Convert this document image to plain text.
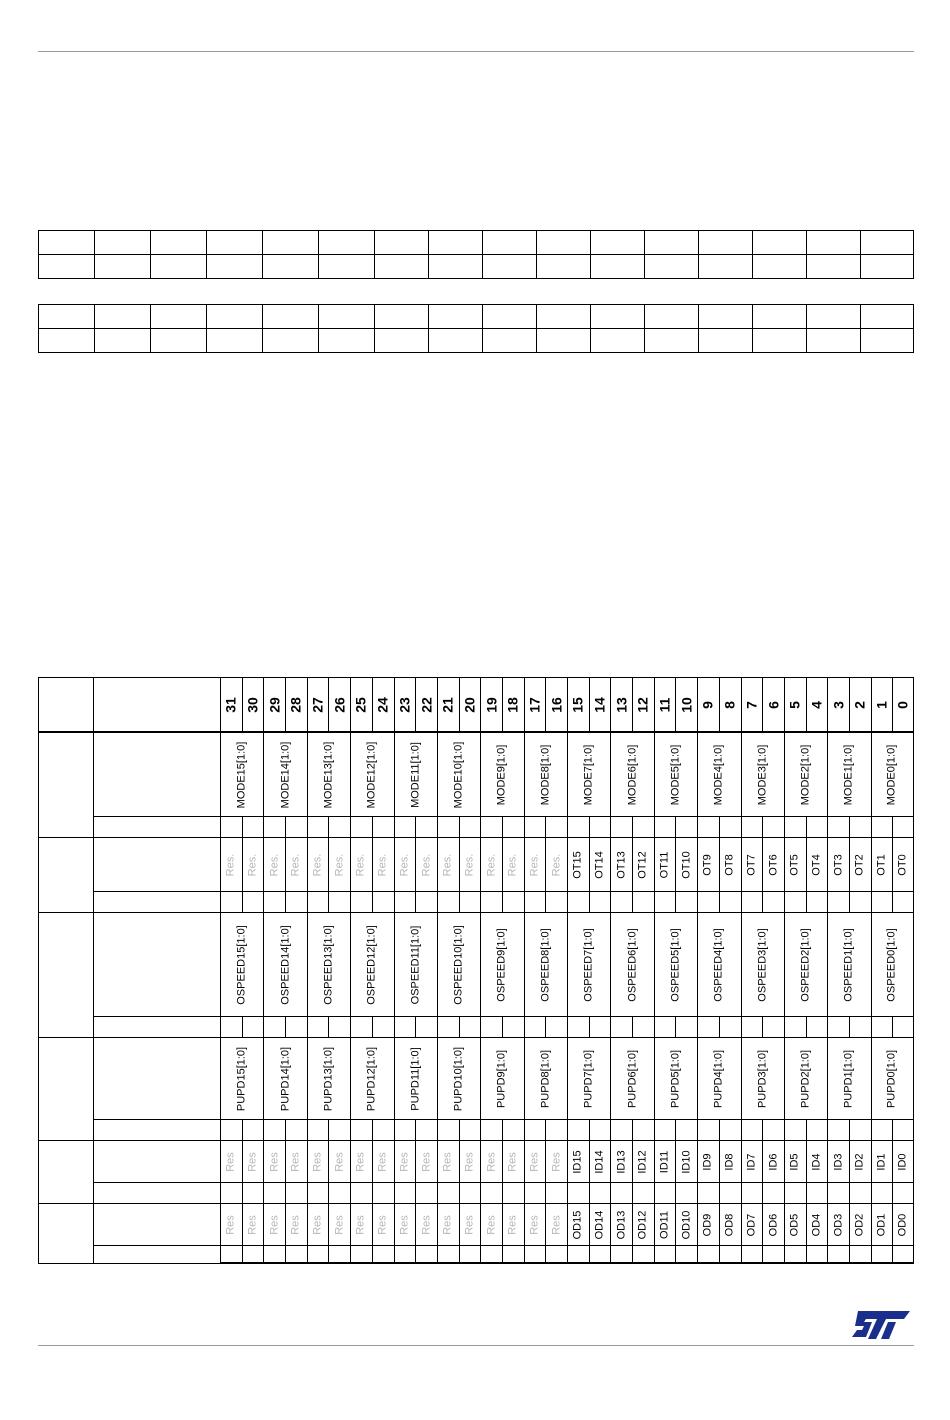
31 30 29 28 27 26 25 24 23 22 21 20 19 18 17 16 15 14 13 12 11 10 9 8 7 6 5 4 3 2 1 0
MODE15[1:0]	MODE14[1:0]	MODE13[1:0]	MODE12[1:0]	MODE11[1:0]	MODE10[1:0]	MODE9[1:0]	MODE8[1:0]	MODE7[1:0]	MODE6[1:0]	MODE5[1:0]	MODE4[1:0]	MODE3[1:0]	MODE2[1:0]	MODE1[1:0]	MODE0[1:0]
Res. Res. Res. Res. Res. Res. Res. Res. Res. Res. Res. Res. Res. Res. Res. Res. OT15 OT14 OT13 OT12 OT11 OT10 OT9 OT8 OT7 OT6 OT5 OT4 OT3 OT2 OT1 OT0
OSPEED15[1:0]	OSPEED14[1:0]	OSPEED13[1:0]	OSPEED12[1:0]	OSPEED11[1:0]	OSPEED10[1:0]	OSPEED9[1:0]	OSPEED8[1:0]	OSPEED7[1:0]	OSPEED6[1:0]	OSPEED5[1:0]	OSPEED4[1:0]	OSPEED3[1:0]	OSPEED2[1:0]	OSPEED1[1:0]	OSPEED0[1:0]
PUPD15[1:0]	PUPD14[1:0]	PUPD13[1:0]	PUPD12[1:0]	PUPD11[1:0]	PUPD10[1:0]	PUPD9[1:0]	PUPD8[1:0]	PUPD7[1:0]	PUPD6[1:0]	PUPD5[1:0]	PUPD4[1:0]	PUPD3[1:0]	PUPD2[1:0]	PUPD1[1:0]	PUPD0[1:0]
Res Res Res Res Res Res Res Res Res Res Res Res Res Res Res Res ID15 ID14 ID13 ID12 ID11 ID10 ID9 ID8 ID7 ID6 ID5 ID4 ID3 ID2 ID1 ID0
Res Res Res Res Res Res Res Res Res Res Res Res Res Res Res Res OD15 OD14 OD13 OD12 OD11 OD10 OD9 OD8 OD7 OD6 OD5 OD4 OD3 OD2 OD1 OD0
